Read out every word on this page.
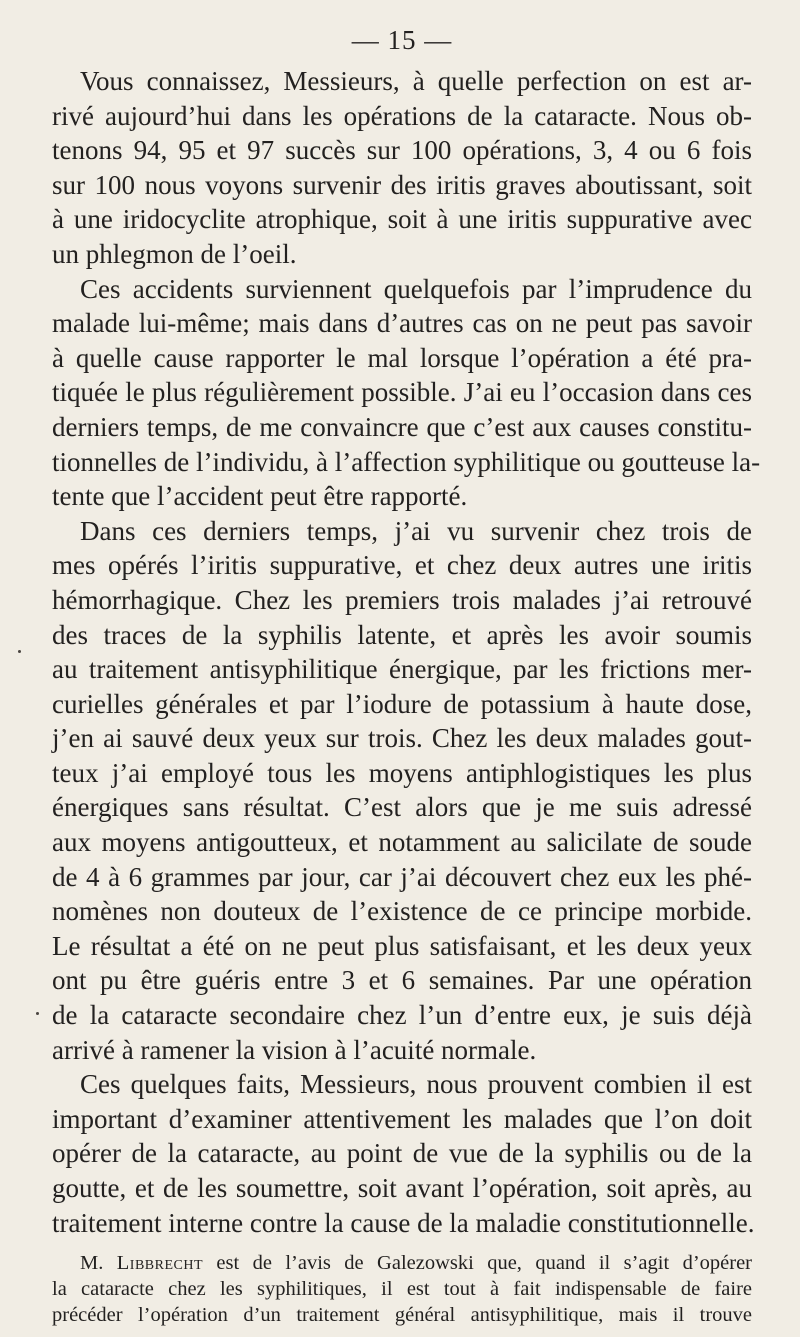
— 15 —

Vous connaissez, Messieurs, à quelle perfection on est ar-
rivé aujourd’hui dans les opérations de la cataracte. Nous ob-
tenons 94, 95 et 97 succès sur 100 opérations, 3, 4 ou 6 fois
sur 100 nous voyons survenir des iritis graves aboutissant, soit
à une iridocyclite atrophique, soit à une iritis suppurative avec
un phlegmon de l’oeil.

Ces accidents surviennent quelquefois par l’imprudence du
malade lui-même; mais dans d’autres cas on ne peut pas savoir
à quelle cause rapporter le mal lorsque l’opération a été pra-
tiquée le plus régulièrement possible. J’ai eu l’occasion dans ces
derniers temps, de me convaincre que c’est aux causes constitu-
tionnelles de l’individu, à l’affection syphilitique ou goutteuse la-
tente que l’accident peut être rapporté.

Dans ces derniers temps, j’ai vu survenir chez trois de
mes opérés l’iritis suppurative, et chez deux autres une iritis
hémorrhagique. Chez les premiers trois malades j’ai retrouvé
des traces de la syphilis latente, et après les avoir soumis
au traitement antisyphilitique énergique, par les frictions mer-
curielles générales et par l’iodure de potassium à haute dose,
j’en ai sauvé deux yeux sur trois. Chez les deux malades gout-
teux j’ai employé tous les moyens antiphlogistiques les plus
énergiques sans résultat. C’est alors que je me suis adressé
aux moyens antigoutteux, et notamment au salicilate de soude
de 4 à 6 grammes par jour, car j’ai découvert chez eux les phé-
nomènes non douteux de l’existence de ce principe morbide.
Le résultat a été on ne peut plus satisfaisant, et les deux yeux
ont pu être guéris entre 3 et 6 semaines. Par une opération
de la cataracte secondaire chez l’un d’entre eux, je suis déjà
arrivé à ramener la vision à l’acuité normale.

Ces quelques faits, Messieurs, nous prouvent combien il est
important d’examiner attentivement les malades que l’on doit
opérer de la cataracte, au point de vue de la syphilis ou de la
goutte, et de les soumettre, soit avant l’opération, soit après, au
traitement interne contre la cause de la maladie constitutionnelle.

M. Libbrecht est de l’avis de Galezowski que, quand il s’agit d’opérer
la cataracte chez les syphilitiques, il est tout à fait indispensable de faire
précéder l’opération d’un traitement général antisyphilitique, mais il trouve
